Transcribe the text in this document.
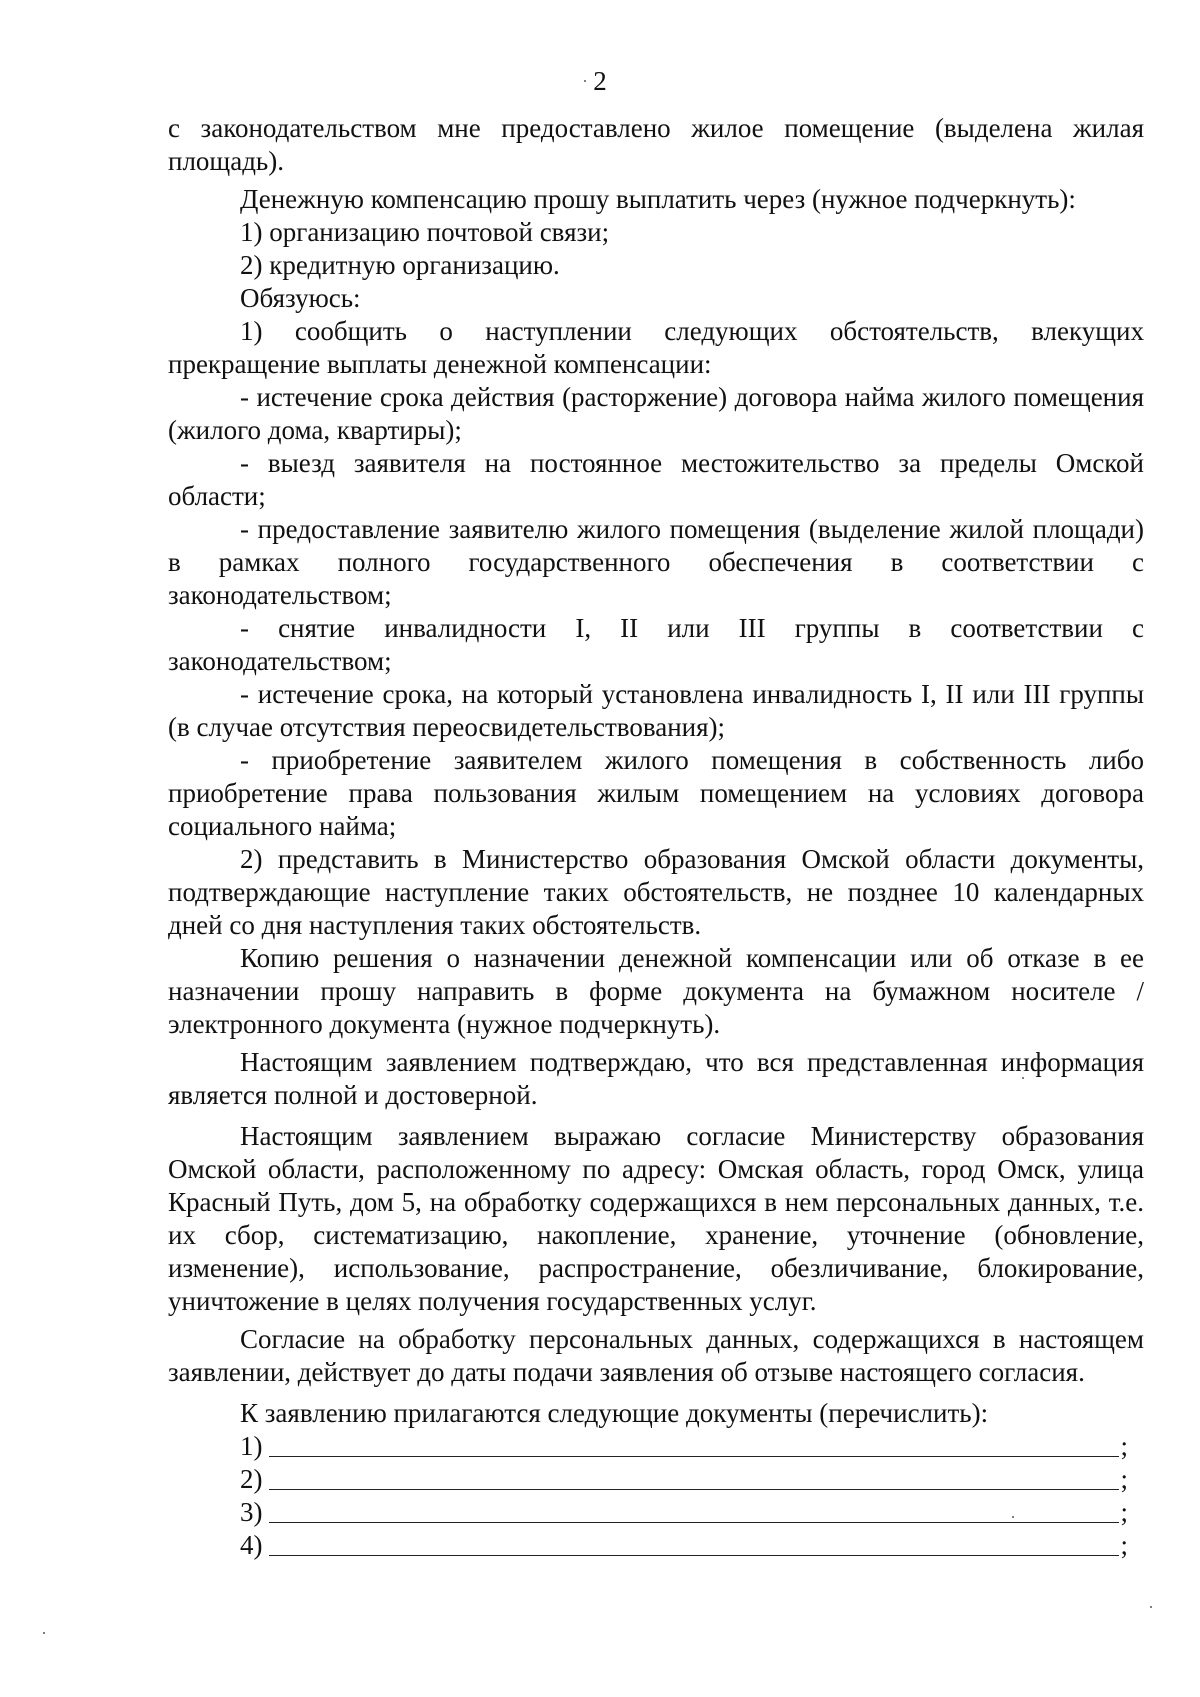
2

с законодательством мне предоставлено жилое помещение (выделена жилая площадь).

Денежную компенсацию прошу выплатить через (нужное подчеркнуть):

1) организацию почтовой связи;

2) кредитную организацию.

Обязуюсь:

1) сообщить о наступлении следующих обстоятельств, влекущих прекращение выплаты денежной компенсации:

- истечение срока действия (расторжение) договора найма жилого помещения (жилого дома, квартиры);

- выезд заявителя на постоянное местожительство за пределы Омской области;

- предоставление заявителю жилого помещения (выделение жилой площади) в рамках полного государственного обеспечения в соответствии с законодательством;

- снятие инвалидности I, II или III группы в соответствии с законодательством;

- истечение срока, на который установлена инвалидность I, II или III группы (в случае отсутствия переосвидетельствования);

- приобретение заявителем жилого помещения в собственность либо приобретение права пользования жилым помещением на условиях договора социального найма;

2) представить в Министерство образования Омской области документы, подтверждающие наступление таких обстоятельств, не позднее 10 календарных дней со дня наступления таких обстоятельств.

Копию решения о назначении денежной компенсации или об отказе в ее назначении прошу направить в форме документа на бумажном носителе / электронного документа (нужное подчеркнуть).

Настоящим заявлением подтверждаю, что вся представленная информация является полной и достоверной.

Настоящим заявлением выражаю согласие Министерству образования Омской области, расположенному по адресу: Омская область, город Омск, улица Красный Путь, дом 5, на обработку содержащихся в нем персональных данных, т.е. их сбор, систематизацию, накопление, хранение, уточнение (обновление, изменение), использование, распространение, обезличивание, блокирование, уничтожение в целях получения государственных услуг.

Согласие на обработку персональных данных, содержащихся в настоящем заявлении, действует до даты подачи заявления об отзыве настоящего согласия.

К заявлению прилагаются следующие документы (перечислить):

1)	;
2)	;
3)	;
4)	;
